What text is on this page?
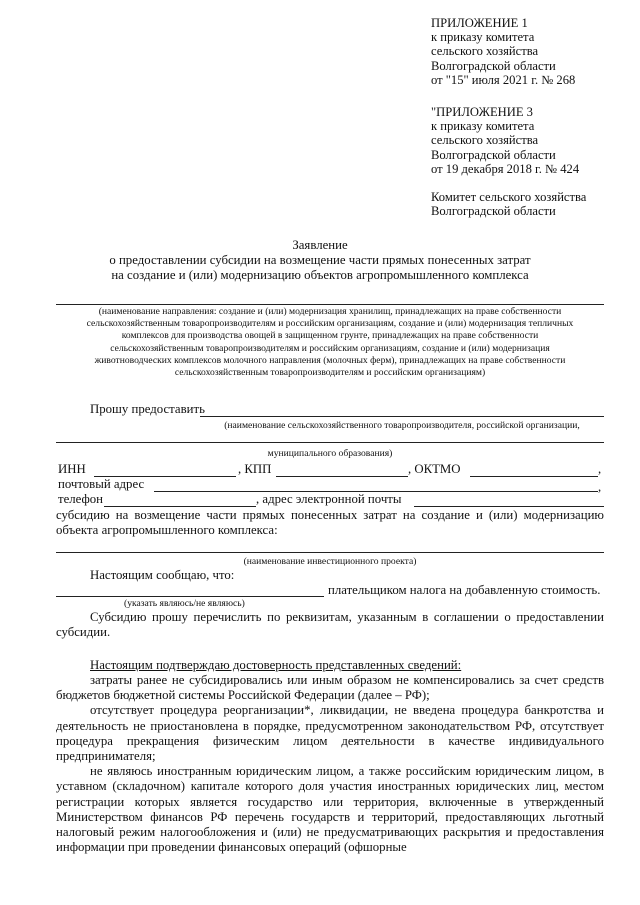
ПРИЛОЖЕНИЕ 1
к приказу комитета
сельского хозяйства
Волгоградской области
от "15" июля 2021 г. № 268
"ПРИЛОЖЕНИЕ 3
к приказу комитета
сельского хозяйства
Волгоградской области
от 19 декабря 2018 г. № 424
Комитет сельского хозяйства
Волгоградской области
Заявление
о предоставлении субсидии на возмещение части прямых понесенных затрат
на создание и (или) модернизацию объектов агропромышленного комплекса
(наименование направления: создание и (или) модернизация хранилищ, принадлежащих на праве собственности
сельскохозяйственным товаропроизводителям и российским организациям, создание и (или) модернизация тепличных
комплексов для производства овощей в защищенном грунте, принадлежащих на праве собственности
сельскохозяйственным товаропроизводителям и российским организациям, создание и (или) модернизация
животноводческих комплексов молочного направления (молочных ферм), принадлежащих на праве собственности
сельскохозяйственным товаропроизводителям и российским организациям)
Прошу предоставить
(наименование сельскохозяйственного товаропроизводителя, российской организации,
муниципального образования)
ИНН	, КПП	, ОКТМО	,
почтовый адрес	,
телефон	, адрес электронной почты

субсидию на возмещение части прямых понесенных затрат на создание и (или) модернизацию объекта агропромышленного комплекса:

(наименование инвестиционного проекта)
Настоящим сообщаю, что:
плательщиком налога на добавленную стоимость.
(указать являюсь/не являюсь)

Субсидию прошу перечислить по реквизитам, указанным в соглашении о предоставлении субсидии.

Настоящим подтверждаю достоверность представленных сведений:

затраты ранее не субсидировались или иным образом не компенсировались за счет средств бюджетов бюджетной системы Российской Федерации (далее – РФ);

отсутствует процедура реорганизации*, ликвидации, не введена процедура банкротства и деятельность не приостановлена в порядке, предусмотренном законодательством РФ, отсутствует процедура прекращения физическим лицом деятельности в качестве индивидуального предпринимателя;

не являюсь иностранным юридическим лицом, а также российским юридическим лицом, в уставном (складочном) капитале которого доля участия иностранных юридических лиц, местом регистрации которых является государство или территория, включенные в утвержденный Министерством финансов РФ перечень государств и территорий, предоставляющих льготный налоговый режим налогообложения и (или) не предусматривающих раскрытия и предоставления информации при проведении финансовых операций (офшорные
